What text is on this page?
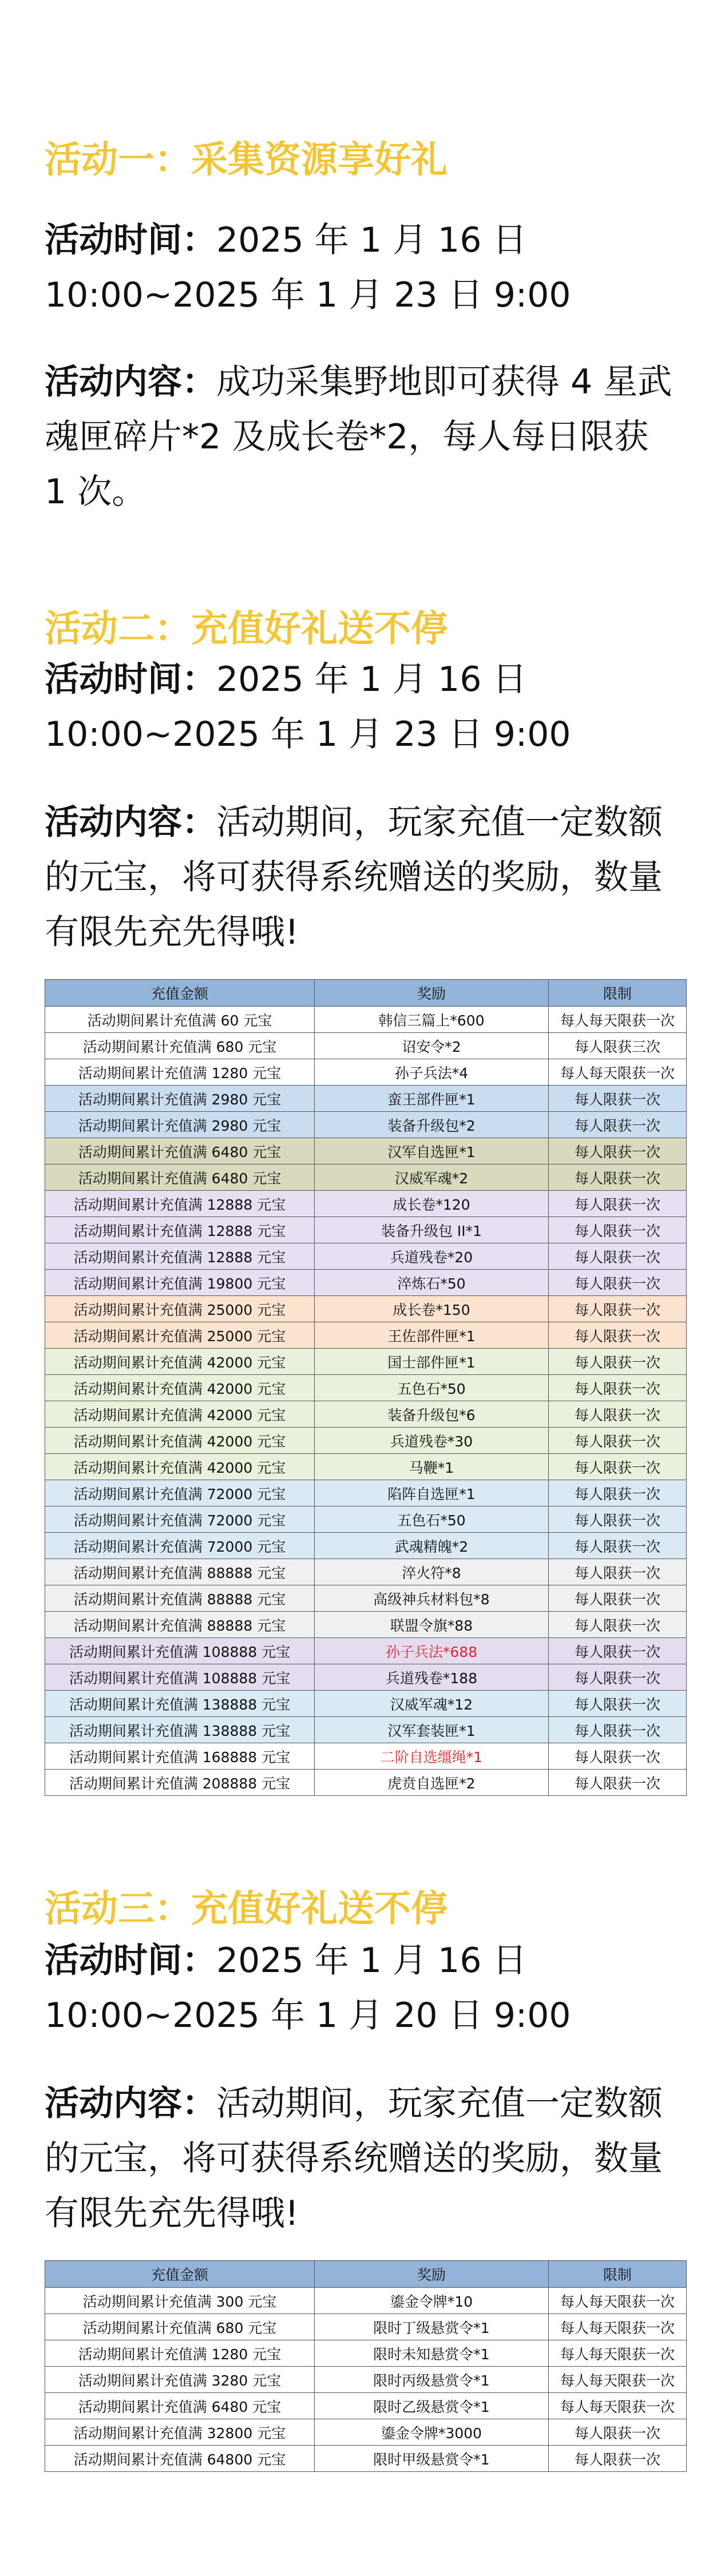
活动一：采集资源享好礼
活动时间：2025 年 1 月 16 日 10:00~2025 年 1 月 23 日 9:00
活动内容：成功采集野地即可获得 4 星武魂匣碎片*2 及成长卷*2，每人每日限获 1 次。
活动二：充值好礼送不停
活动时间：2025 年 1 月 16 日 10:00~2025 年 1 月 23 日 9:00
活动内容：活动期间，玩家充值一定数额的元宝，将可获得系统赠送的奖励，数量有限先充先得哦!
充值金额	奖励	限制
活动期间累计充值满 60 元宝	韩信三篇上*600	每人每天限获一次
活动期间累计充值满 680 元宝	诏安令*2	每人限获三次
活动期间累计充值满 1280 元宝	孙子兵法*4	每人每天限获一次
活动期间累计充值满 2980 元宝	蛮王部件匣*1	每人限获一次
活动期间累计充值满 2980 元宝	装备升级包*2	每人限获一次
活动期间累计充值满 6480 元宝	汉军自选匣*1	每人限获一次
活动期间累计充值满 6480 元宝	汉威军魂*2	每人限获一次
活动期间累计充值满 12888 元宝	成长卷*120	每人限获一次
活动期间累计充值满 12888 元宝	装备升级包 II*1	每人限获一次
活动期间累计充值满 12888 元宝	兵道残卷*20	每人限获一次
活动期间累计充值满 19800 元宝	淬炼石*50	每人限获一次
活动期间累计充值满 25000 元宝	成长卷*150	每人限获一次
活动期间累计充值满 25000 元宝	王佐部件匣*1	每人限获一次
活动期间累计充值满 42000 元宝	国士部件匣*1	每人限获一次
活动期间累计充值满 42000 元宝	五色石*50	每人限获一次
活动期间累计充值满 42000 元宝	装备升级包*6	每人限获一次
活动期间累计充值满 42000 元宝	兵道残卷*30	每人限获一次
活动期间累计充值满 42000 元宝	马鞭*1	每人限获一次
活动期间累计充值满 72000 元宝	陷阵自选匣*1	每人限获一次
活动期间累计充值满 72000 元宝	五色石*50	每人限获一次
活动期间累计充值满 72000 元宝	武魂精魄*2	每人限获一次
活动期间累计充值满 88888 元宝	淬火符*8	每人限获一次
活动期间累计充值满 88888 元宝	高级神兵材料包*8	每人限获一次
活动期间累计充值满 88888 元宝	联盟令旗*88	每人限获一次
活动期间累计充值满 108888 元宝	孙子兵法*688	每人限获一次
活动期间累计充值满 108888 元宝	兵道残卷*188	每人限获一次
活动期间累计充值满 138888 元宝	汉威军魂*12	每人限获一次
活动期间累计充值满 138888 元宝	汉军套装匣*1	每人限获一次
活动期间累计充值满 168888 元宝	二阶自选缰绳*1	每人限获一次
活动期间累计充值满 208888 元宝	虎贲自选匣*2	每人限获一次
活动三：充值好礼送不停
活动时间：2025 年 1 月 16 日 10:00~2025 年 1 月 20 日 9:00
活动内容：活动期间，玩家充值一定数额的元宝，将可获得系统赠送的奖励，数量有限先充先得哦!
充值金额	奖励	限制
活动期间累计充值满 300 元宝	鎏金令牌*10	每人每天限获一次
活动期间累计充值满 680 元宝	限时丁级悬赏令*1	每人每天限获一次
活动期间累计充值满 1280 元宝	限时未知悬赏令*1	每人每天限获一次
活动期间累计充值满 3280 元宝	限时丙级悬赏令*1	每人每天限获一次
活动期间累计充值满 6480 元宝	限时乙级悬赏令*1	每人每天限获一次
活动期间累计充值满 32800 元宝	鎏金令牌*3000	每人限获一次
活动期间累计充值满 64800 元宝	限时甲级悬赏令*1	每人限获一次
